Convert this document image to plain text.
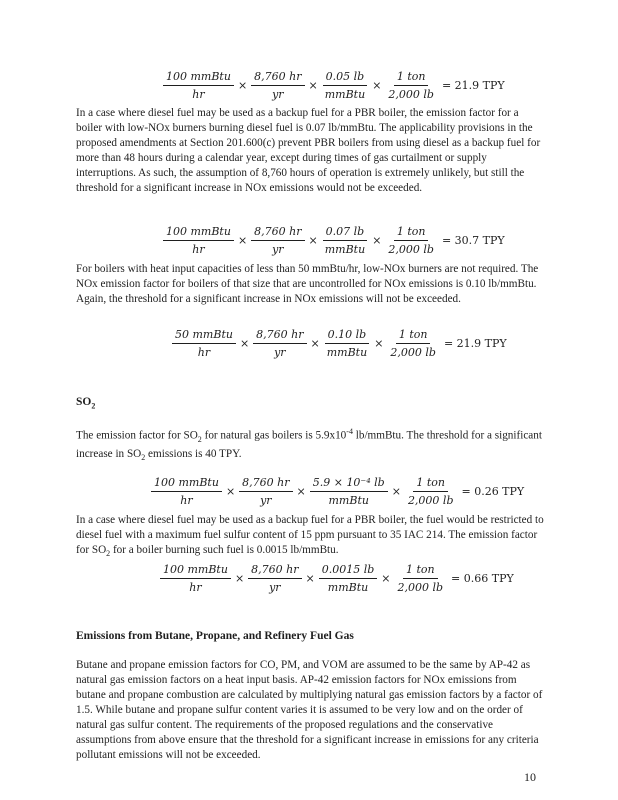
$\frac{\text{100 mmBtu}}{hr} \times \frac{8,760 hr}{yr} \times \frac{0.05 lb}{\text{mmBtu}} \times \frac{\text{1 ton}}{2,000 lb} = 21.9$ TPY

In a case where diesel fuel may be used as a backup fuel for a PBR boiler, the emission factor for a boiler with low-NOx burners burning diesel fuel is 0.07 lb/mmBtu. The applicability provisions in the proposed amendments at Section 201.600(c) prevent PBR boilers from using diesel as a backup fuel for more than 48 hours during a calendar year, except during times of gas curtailment or supply interruptions. As such, the assumption of 8,760 hours of operation is extremely unlikely, but still the threshold for a significant increase in NOx emissions would not be exceeded.

$\frac{\text{100 mmBtu}}{hr} \times \frac{8,760 hr}{yr} \times \frac{0.07 lb}{\text{mmBtu}} \times \frac{\text{1 ton}}{2,000 lb} = 30.7$ TPY

For boilers with heat input capacities of less than 50 mmBtu/hr, low-NOx burners are not required. The NOx emission factor for boilers of that size that are uncontrolled for NOx emissions is 0.10 lb/mmBtu. Again, the threshold for a significant increase in NOx emissions will not be exceeded.

$\frac{\text{50 mmBtu}}{hr} \times \frac{8,760 hr}{yr} \times \frac{0.10 lb}{\text{mmBtu}} \times \frac{\text{1 ton}}{2,000 lb} = 21.9$ TPY

$SO_2$

The emission factor for $SO_2$ for natural gas boilers is $5.9x10^{-4}$ lb/mmBtu. The threshold for a significant increase in $SO_2$ emissions is 40 TPY.

$\frac{\text{100 mmBtu}}{hr} \times \frac{8,760 hr}{yr} \times \frac{\text{5.9 × 10⁻⁴ lb}}{\text{mmBtu}} \times \frac{\text{1 ton}}{2,000 lb} = 0.26$ TPY

In a case where diesel fuel may be used as a backup fuel for a PBR boiler, the fuel would be restricted to diesel fuel with a maximum fuel sulfur content of 15 ppm pursuant to 35 IAC 214. The emission factor for $SO_2$ for a boiler burning such fuel is 0.0015 lb/mmBtu.

$\frac{\text{100 mmBtu}}{hr} \times \frac{8,760 hr}{yr} \times \frac{0.0015 lb}{\text{mmBtu}} \times \frac{\text{1 ton}}{2,000 lb} = 0.66$ TPY

Emissions from Butane, Propane, and Refinery Fuel Gas

Butane and propane emission factors for CO, PM, and VOM are assumed to be the same by AP-42 as natural gas emission factors on a heat input basis. AP-42 emission factors for NOx emissions from butane and propane combustion are calculated by multiplying natural gas emission factors by a factor of 1.5. While butane and propane sulfur content varies it is assumed to be very low and on the order of natural gas sulfur content. The requirements of the proposed regulations and the conservative assumptions from above ensure that the threshold for a significant increase in emissions for any criteria pollutant emissions will not be exceeded.

10
